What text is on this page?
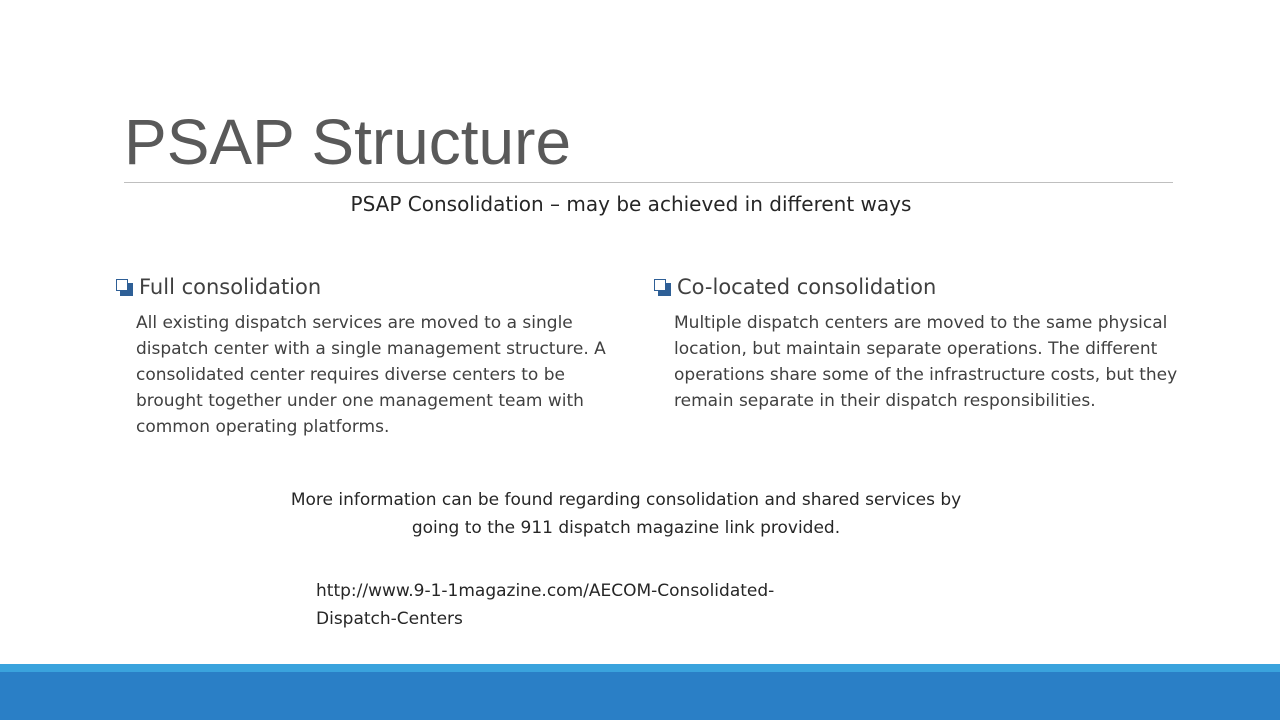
PSAP Structure
PSAP Consolidation – may be achieved in different ways
Full consolidation
All existing dispatch services are moved to a single dispatch center with a single management structure. A consolidated center requires diverse centers to be brought together under one management team with common operating platforms.
Co-located consolidation
Multiple dispatch centers are moved to the same physical location, but maintain separate operations. The different operations share some of the infrastructure costs, but they remain separate in their dispatch responsibilities.
More information can be found regarding consolidation and shared services by
going to the 911 dispatch magazine link provided.
http://www.9-1-1magazine.com/AECOM-Consolidated-
Dispatch-Centers
